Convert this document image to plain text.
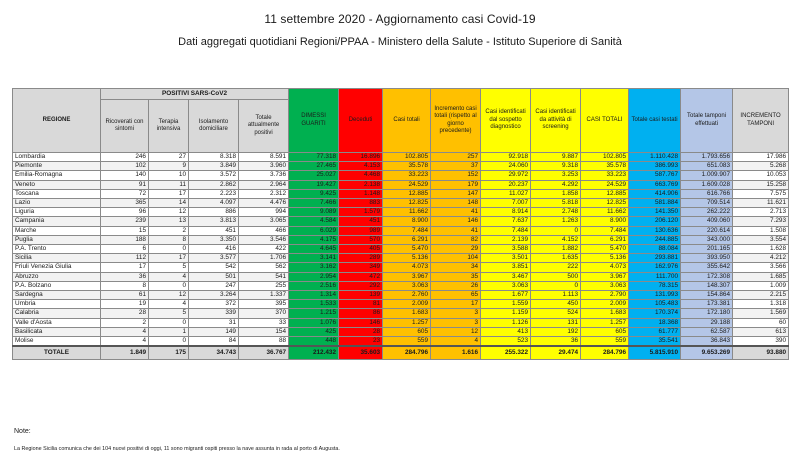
11 settembre 2020 - Aggiornamento casi Covid-19
Dati aggregati quotidiani Regioni/PPAA - Ministero della Salute - Istituto Superiore di Sanità
REGIONE	POSITIVI SARS-CoV2				DIMESSI GUARITI	Deceduti	Casi totali	Incremento casi totali (rispetto al giorno precedente)	Casi identificati dal sospetto diagnostico	Casi identificati da attività di screening	CASI TOTALI	Totale casi testati	Totale tamponi effettuati	INCREMENTO TAMPONI
	Ricoverati con sintomi	Terapia intensiva	Isolamento domiciliare	Totale attualmente positivi										
Lombardia	246	27	8.318	8.591	77.318	16.896	102.805	257	92.918	9.887	102.805	1.110.428	1.793.656	17.986
Piemonte	102	9	3.849	3.960	27.465	4.153	35.578	37	24.060	9.318	35.578	386.993	651.083	5.268
Emilia-Romagna	140	10	3.572	3.736	25.027	4.468	33.223	152	29.972	3.253	33.223	587.767	1.009.907	10.053
Veneto	91	11	2.862	2.964	19.427	2.138	24.529	179	20.237	4.292	24.529	663.769	1.609.028	15.258
Toscana	72	17	2.223	2.312	9.425	1.148	12.885	147	11.027	1.858	12.885	414.906	616.766	7.575
Lazio	365	14	4.097	4.476	7.466	883	12.825	148	7.007	5.818	12.825	581.884	709.514	11.621
Liguria	96	12	886	994	9.089	1.579	11.662	41	8.914	2.748	11.662	141.350	262.222	2.713
Campania	239	13	3.813	3.065	4.584	451	8.900	146	7.637	1.263	8.900	206.120	409.060	7.293
Marche	15	2	451	466	6.029	989	7.484	41	7.484	0	7.484	130.636	220.614	1.508
Puglia	188	8	3.350	3.546	4.175	570	6.291	82	2.139	4.152	6.291	244.885	343.000	3.554
P.A. Trento	6	0	416	422	4.645	405	5.470	29	3.588	1.882	5.470	88.084	201.165	1.628
Sicilia	112	17	3.577	1.706	3.141	289	5.136	104	3.501	1.635	5.136	293.881	393.950	4.212
Friuli Venezia Giulia	17	5	542	562	3.162	349	4.073	34	3.851	222	4.073	162.976	355.642	3.566
Abruzzo	36	4	501	541	2.954	472	3.967	35	3.467	500	3.967	111.700	172.308	1.685
P.A. Bolzano	8	0	247	255	2.516	292	3.063	26	3.063	0	3.063	78.315	148.307	1.009
Sardegna	61	12	3.264	1.337	1.314	139	2.760	65	1.677	1.113	2.790	131.993	154.864	2.215
Umbria	19	4	372	395	1.533	81	2.009	17	1.559	450	2.009	105.483	173.381	1.318
Calabria	28	5	339	370	1.215	86	1.683	3	1.159	524	1.683	170.374	172.180	1.569
Valle d'Aosta	2	0	31	33	1.076	146	1.257	3	1.126	131	1.257	18.368	29.188	60
Basilicata	4	1	149	154	425	28	605	12	413	192	605	61.777	62.587	613
Molise	4	0	84	88	448	23	559	4	523	36	559	35.541	36.843	390
TOTALE	1.849	175	34.743	36.767	212.432	35.603	284.796	1.616	255.322	29.474	284.796	5.815.910	9.653.269	93.880
Note:
La Regione Sicilia comunica che dei 104 nuovi positivi di oggi, 11 sono migranti ospiti presso la nave assunta in rada al porto di Augusta.
